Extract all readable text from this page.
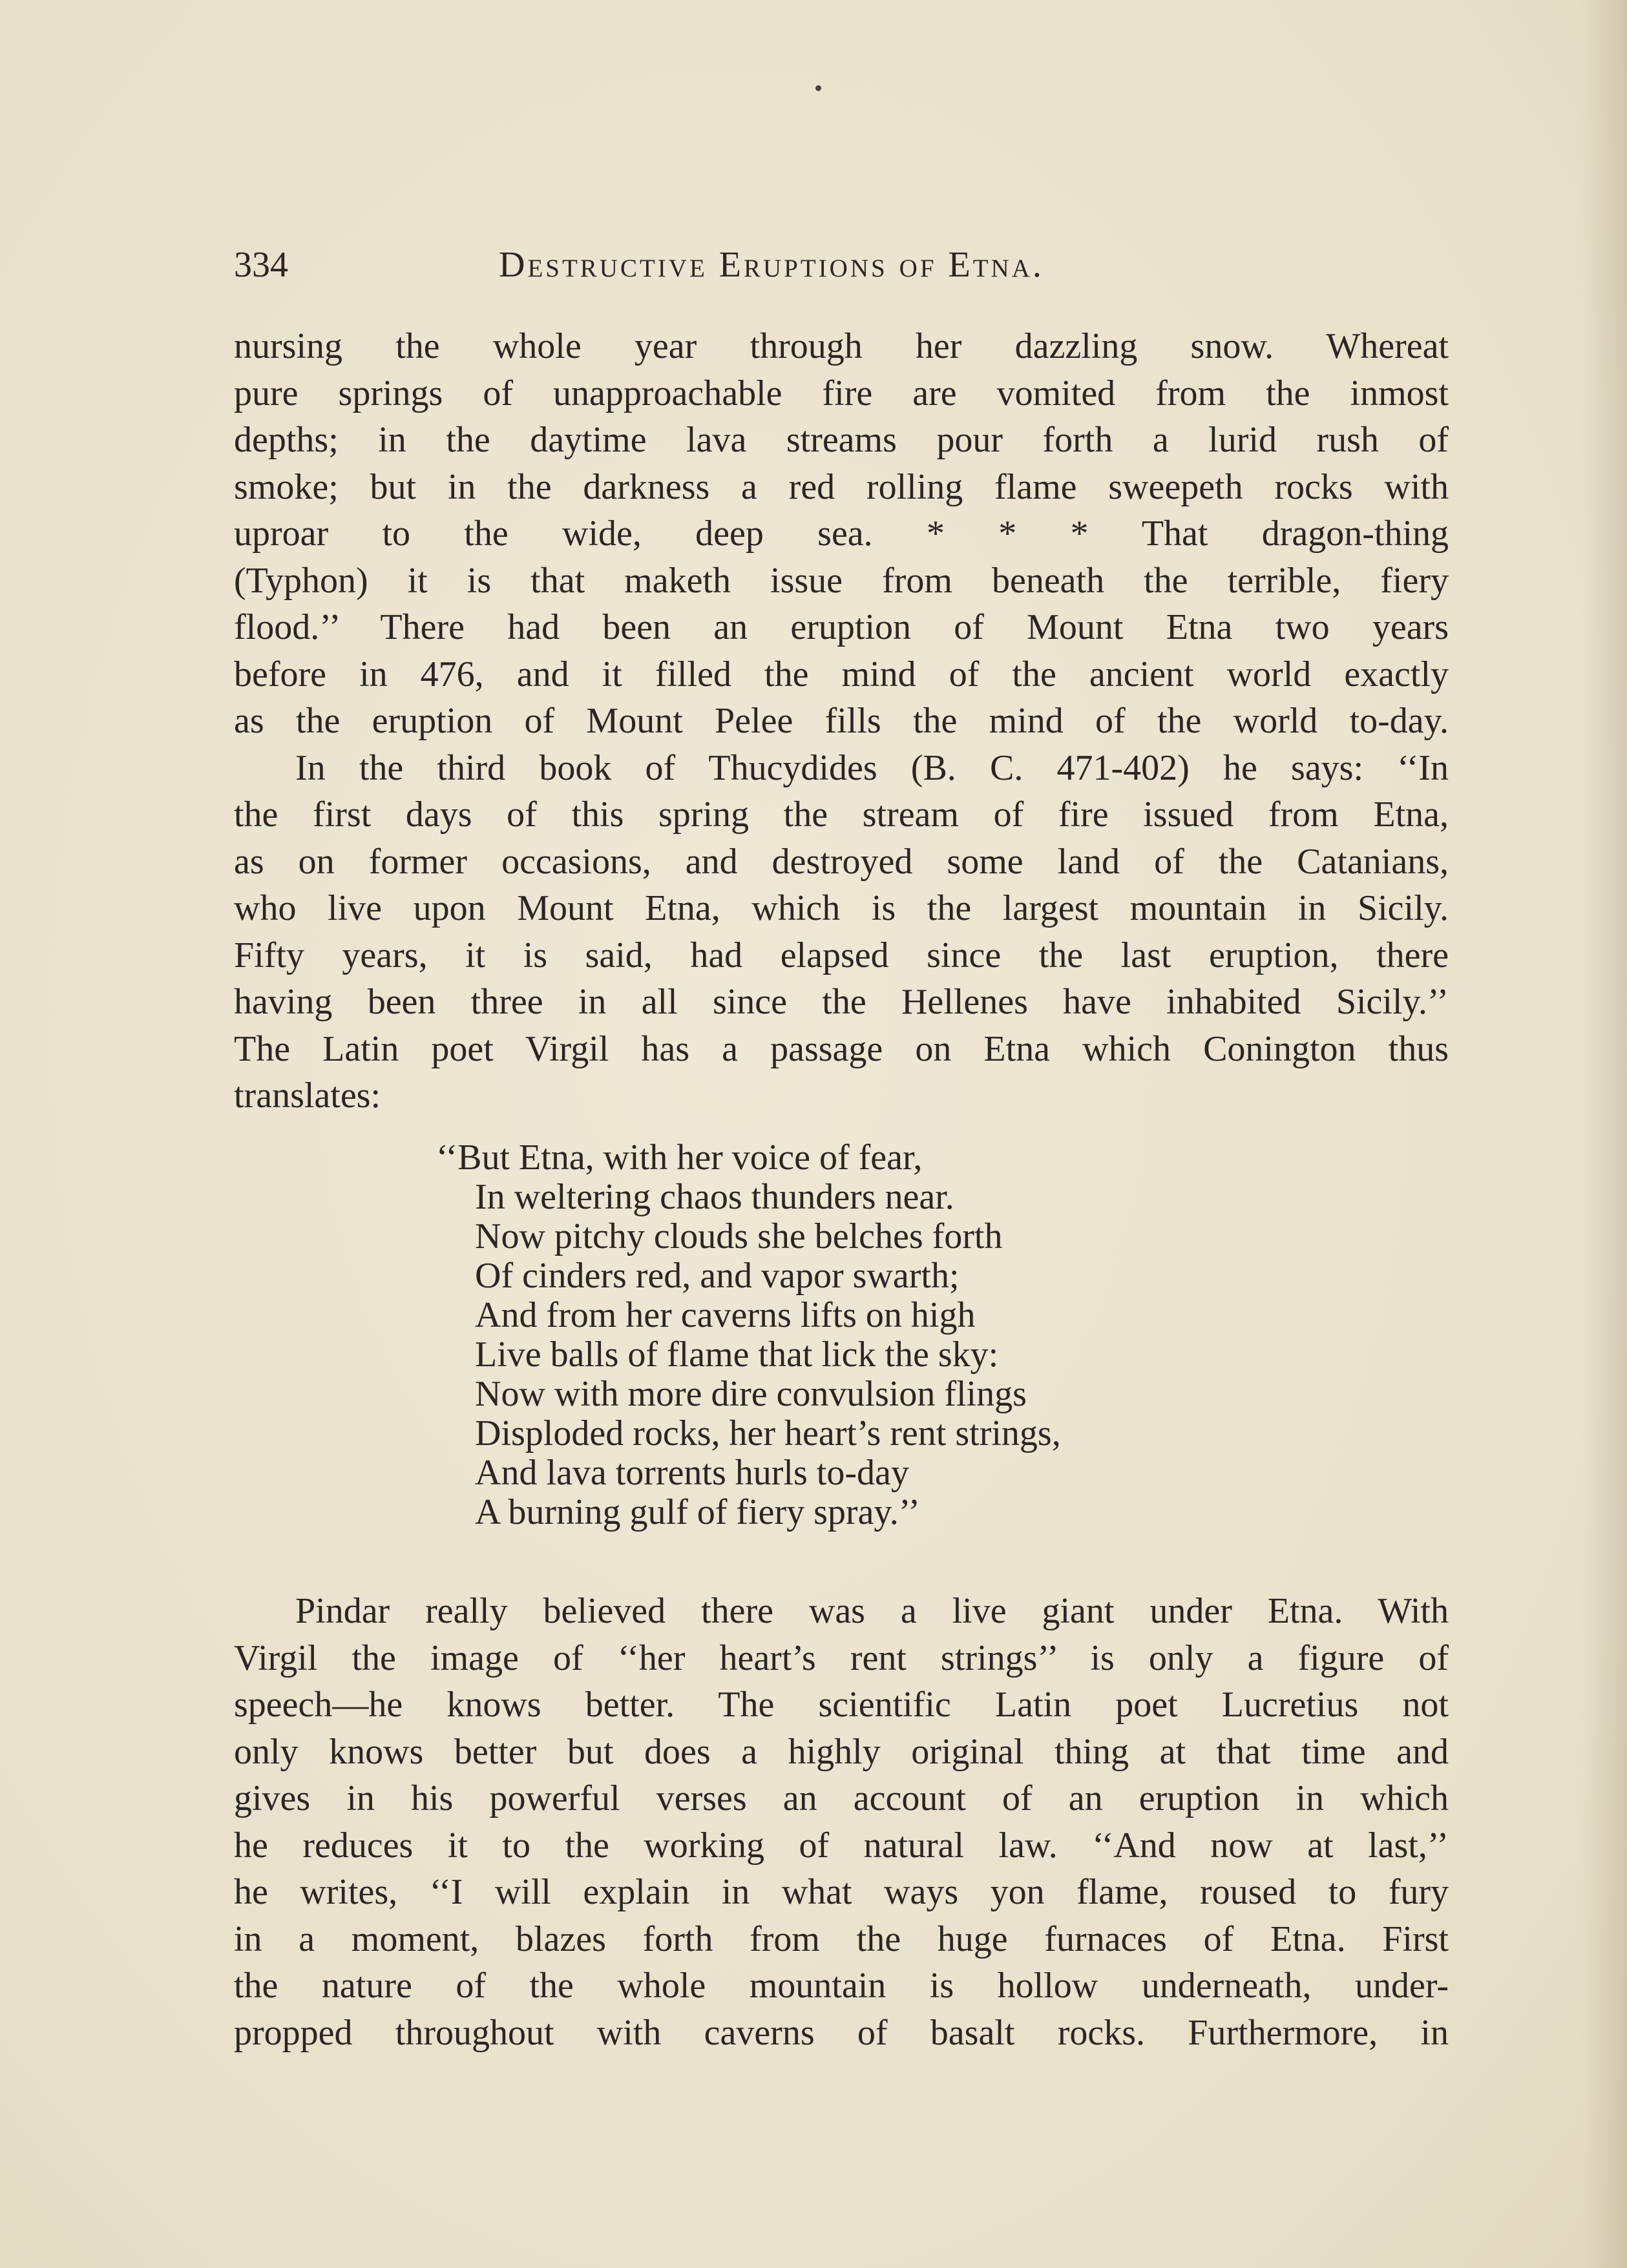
334	Destructive Eruptions of Etna.
nursing the whole year through her dazzling snow. Whereat
pure springs of unapproachable fire are vomited from the inmost
depths; in the daytime lava streams pour forth a lurid rush of
smoke; but in the darkness a red rolling flame sweepeth rocks with
uproar to the wide, deep sea. * * * That dragon-thing
(Typhon) it is that maketh issue from beneath the terrible, fiery
flood.’’ There had been an eruption of Mount Etna two years
before in 476, and it filled the mind of the ancient world exactly
as the eruption of Mount Pelee fills the mind of the world to-day.
In the third book of Thucydides (B. C. 471-402) he says: ‘‘In
the first days of this spring the stream of fire issued from Etna,
as on former occasions, and destroyed some land of the Catanians,
who live upon Mount Etna, which is the largest mountain in Sicily.
Fifty years, it is said, had elapsed since the last eruption, there
having been three in all since the Hellenes have inhabited Sicily.’’
The Latin poet Virgil has a passage on Etna which Conington thus
translates:
‘‘But Etna, with her voice of fear,
In weltering chaos thunders near.
Now pitchy clouds she belches forth
Of cinders red, and vapor swarth;
And from her caverns lifts on high
Live balls of flame that lick the sky:
Now with more dire convulsion flings
Disploded rocks, her heart’s rent strings,
And lava torrents hurls to-day
A burning gulf of fiery spray.’’
Pindar really believed there was a live giant under Etna. With
Virgil the image of ‘‘her heart’s rent strings’’ is only a figure of
speech—he knows better. The scientific Latin poet Lucretius not
only knows better but does a highly original thing at that time and
gives in his powerful verses an account of an eruption in which
he reduces it to the working of natural law. ‘‘And now at last,’’
he writes, ‘‘I will explain in what ways yon flame, roused to fury
in a moment, blazes forth from the huge furnaces of Etna. First
the nature of the whole mountain is hollow underneath, under-
propped throughout with caverns of basalt rocks. Furthermore, in
